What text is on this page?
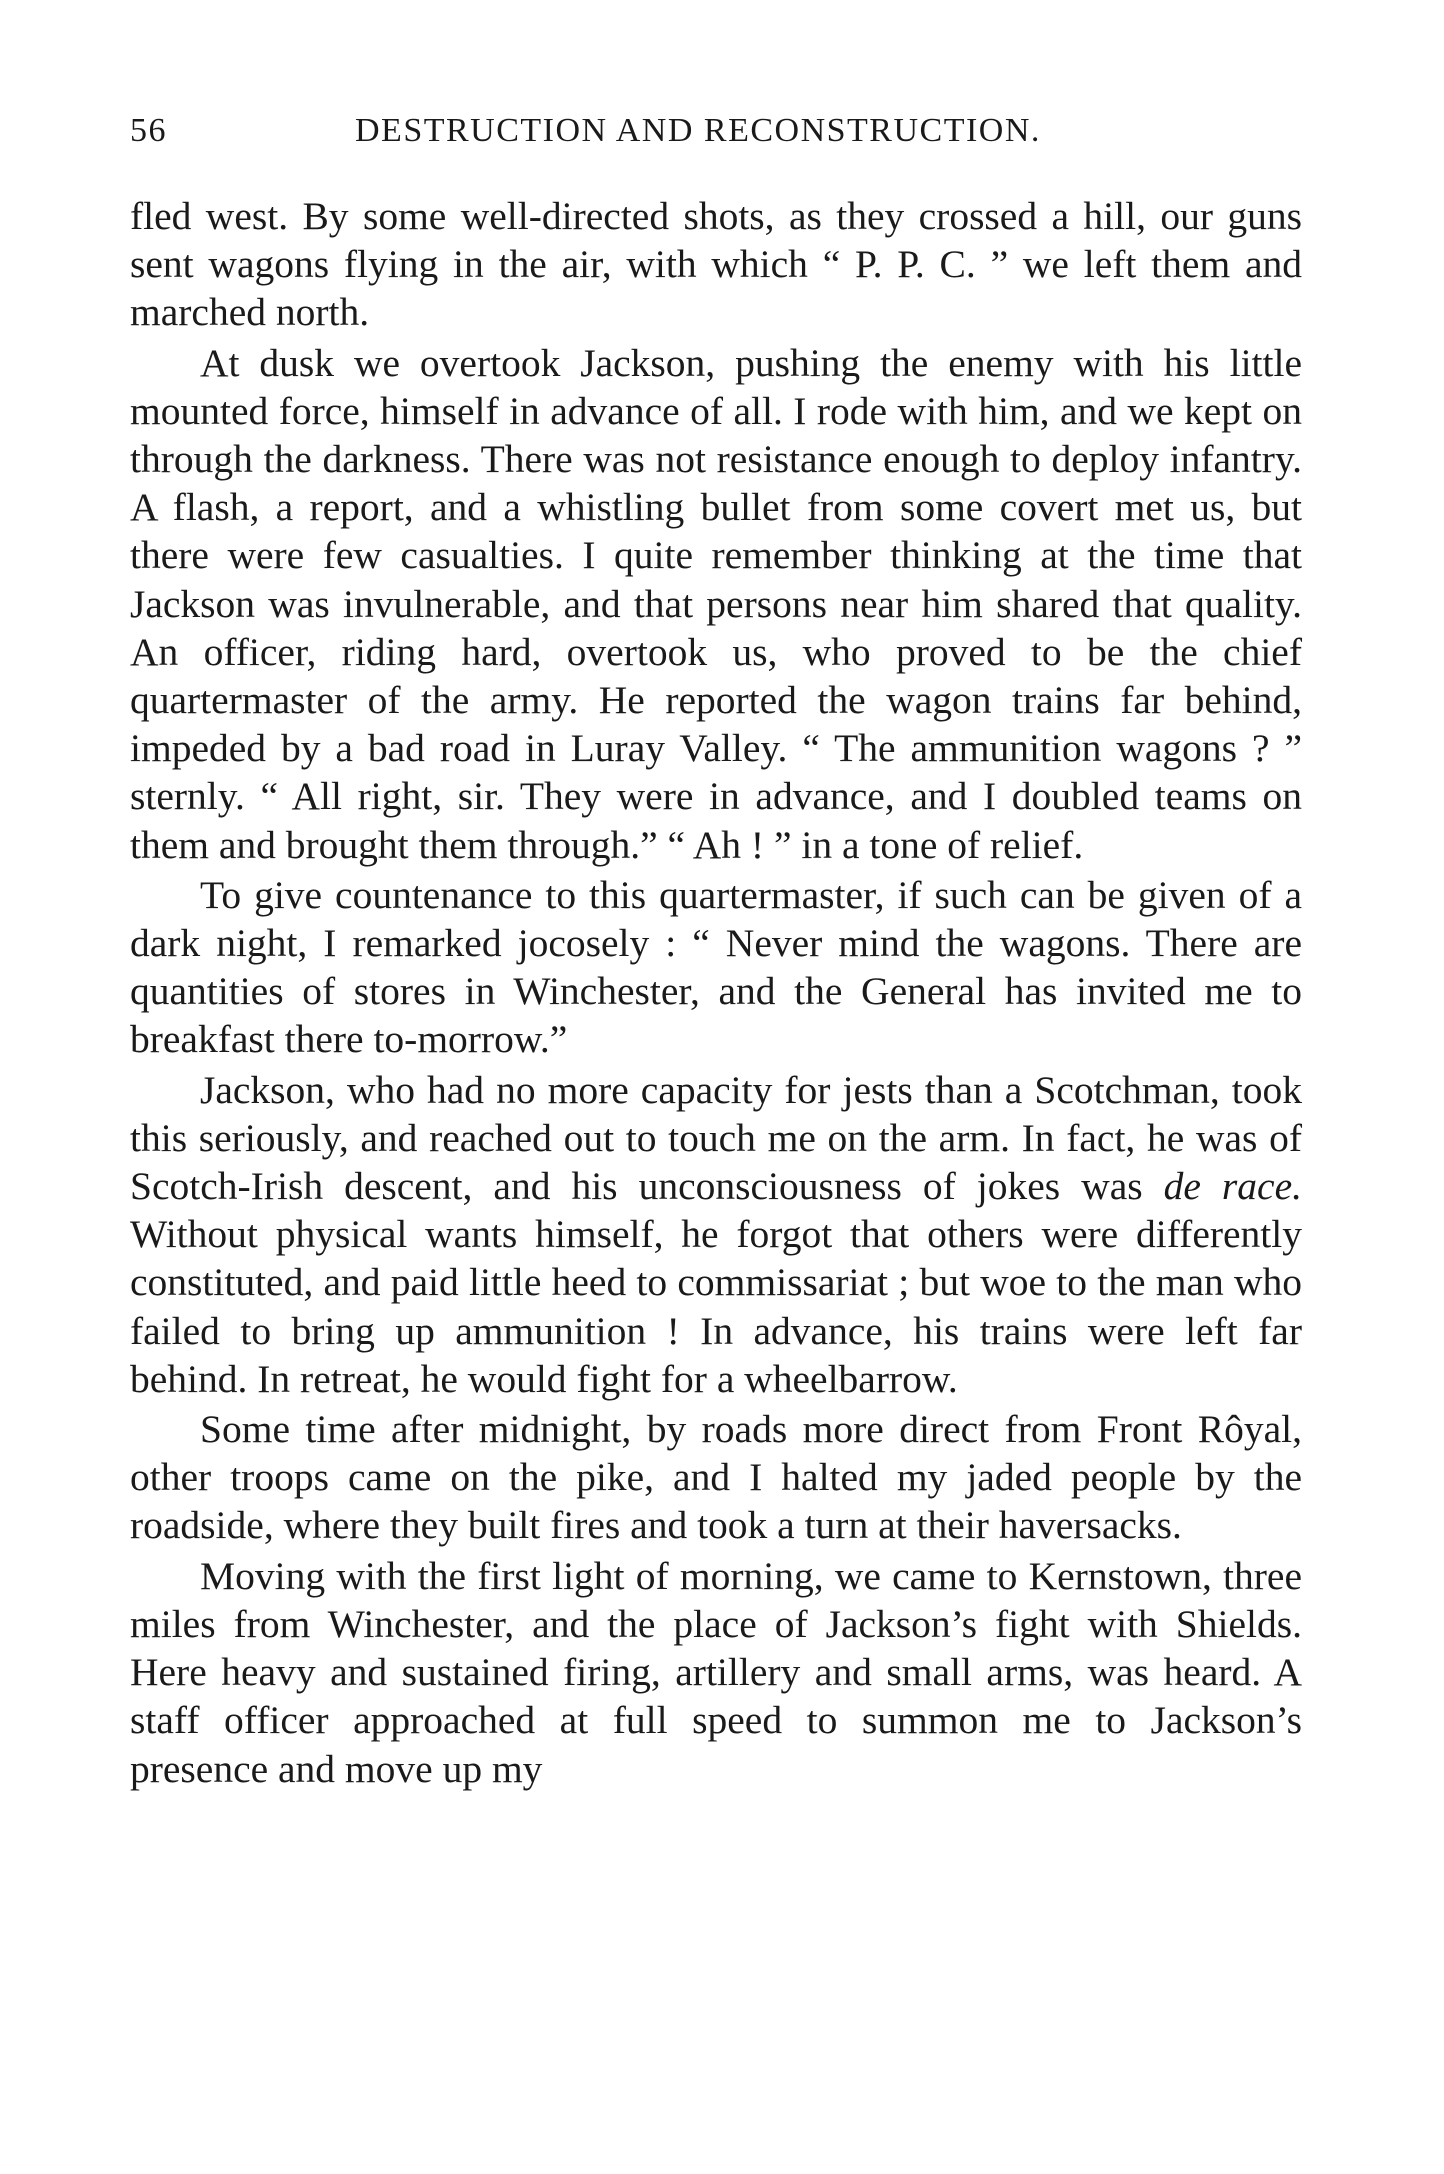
56	DESTRUCTION AND RECONSTRUCTION.

fled west. By some well-directed shots, as they crossed a hill, our guns sent wagons flying in the air, with which “ P. P. C. ” we left them and marched north.

At dusk we overtook Jackson, pushing the enemy with his little mounted force, himself in advance of all. I rode with him, and we kept on through the darkness. There was not resistance enough to deploy infantry. A flash, a report, and a whistling bullet from some covert met us, but there were few casualties. I quite remember thinking at the time that Jackson was invulnerable, and that persons near him shared that quality. An officer, riding hard, overtook us, who proved to be the chief quartermaster of the army. He reported the wagon trains far behind, impeded by a bad road in Luray Valley. “ The ammunition wagons ? ” sternly. “ All right, sir. They were in advance, and I doubled teams on them and brought them through.” “ Ah ! ” in a tone of relief.

To give countenance to this quartermaster, if such can be given of a dark night, I remarked jocosely : “ Never mind the wagons. There are quantities of stores in Winchester, and the General has invited me to breakfast there to-morrow.”

Jackson, who had no more capacity for jests than a Scotchman, took this seriously, and reached out to touch me on the arm. In fact, he was of Scotch-Irish descent, and his unconsciousness of jokes was de race. Without physical wants himself, he forgot that others were differently constituted, and paid little heed to commissariat ; but woe to the man who failed to bring up ammunition ! In advance, his trains were left far behind. In retreat, he would fight for a wheelbarrow.

Some time after midnight, by roads more direct from Front Rôyal, other troops came on the pike, and I halted my jaded people by the roadside, where they built fires and took a turn at their haversacks.

Moving with the first light of morning, we came to Kernstown, three miles from Winchester, and the place of Jackson’s fight with Shields. Here heavy and sustained firing, artillery and small arms, was heard. A staff officer approached at full speed to summon me to Jackson’s presence and move up my
